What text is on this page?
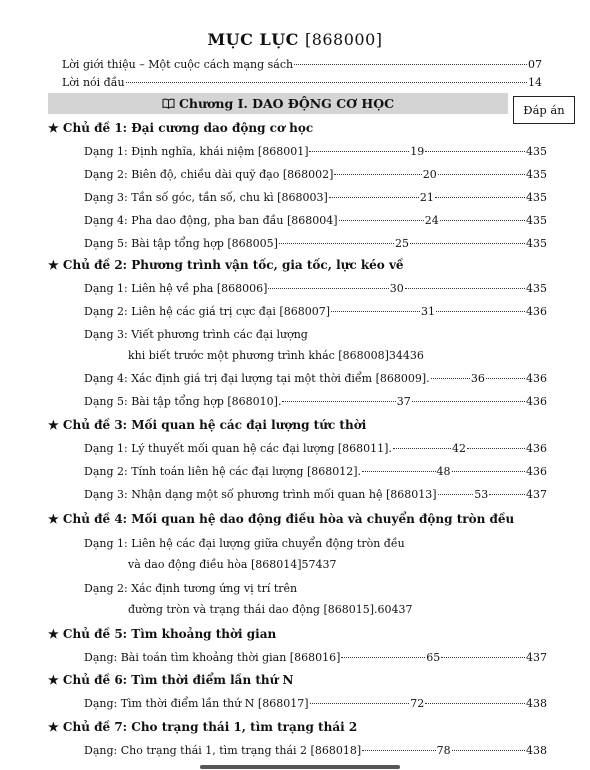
MỤC LỤC [868000]
Lời giới thiệu – Một cuộc cách mạng sách	07
Lời nói đầu	14
Chương I. DAO ĐỘNG CƠ HỌC	Đáp án
★ Chủ đề 1: Đại cương dao động cơ học
Dạng 1: Định nghĩa, khái niệm [868001]	19	435
Dạng 2: Biên độ, chiều dài quỹ đạo [868002]	20	435
Dạng 3: Tần số góc, tần số, chu kì [868003]	21	435
Dạng 4: Pha dao động, pha ban đầu [868004]	24	435
Dạng 5: Bài tập tổng hợp [868005]	25	435
★ Chủ đề 2: Phương trình vận tốc, gia tốc, lực kéo về
Dạng 1: Liên hệ về pha [868006]	30	435
Dạng 2: Liên hệ các giá trị cực đại [868007]	31	436
Dạng 3: Viết phương trình các đại lượng
khi biết trước một phương trình khác [868008] 34 436
Dạng 4: Xác định giá trị đại lượng tại một thời điểm [868009].	36	436
Dạng 5: Bài tập tổng hợp [868010].	37	436
★ Chủ đề 3: Mối quan hệ các đại lượng tức thời
Dạng 1: Lý thuyết mối quan hệ các đại lượng [868011].	42	436
Dạng 2: Tính toán liên hệ các đại lượng [868012].	48	436
Dạng 3: Nhận dạng một số phương trình mối quan hệ [868013]	53	437
★ Chủ đề 4: Mối quan hệ dao động điều hòa và chuyển động tròn đều
Dạng 1: Liên hệ các đại lượng giữa chuyển động tròn đều
và dao động điều hòa [868014] 57 437
Dạng 2: Xác định tương ứng vị trí trên
đường tròn và trạng thái dao động [868015]. 60 437
★ Chủ đề 5: Tìm khoảng thời gian
Dạng: Bài toán tìm khoảng thời gian [868016]	65	437
★ Chủ đề 6: Tìm thời điểm lần thứ N
Dạng: Tìm thời điểm lần thứ N [868017]	72	438
★ Chủ đề 7: Cho trạng thái 1, tìm trạng thái 2
Dạng: Cho trạng thái 1, tìm trạng thái 2 [868018]	78	438
